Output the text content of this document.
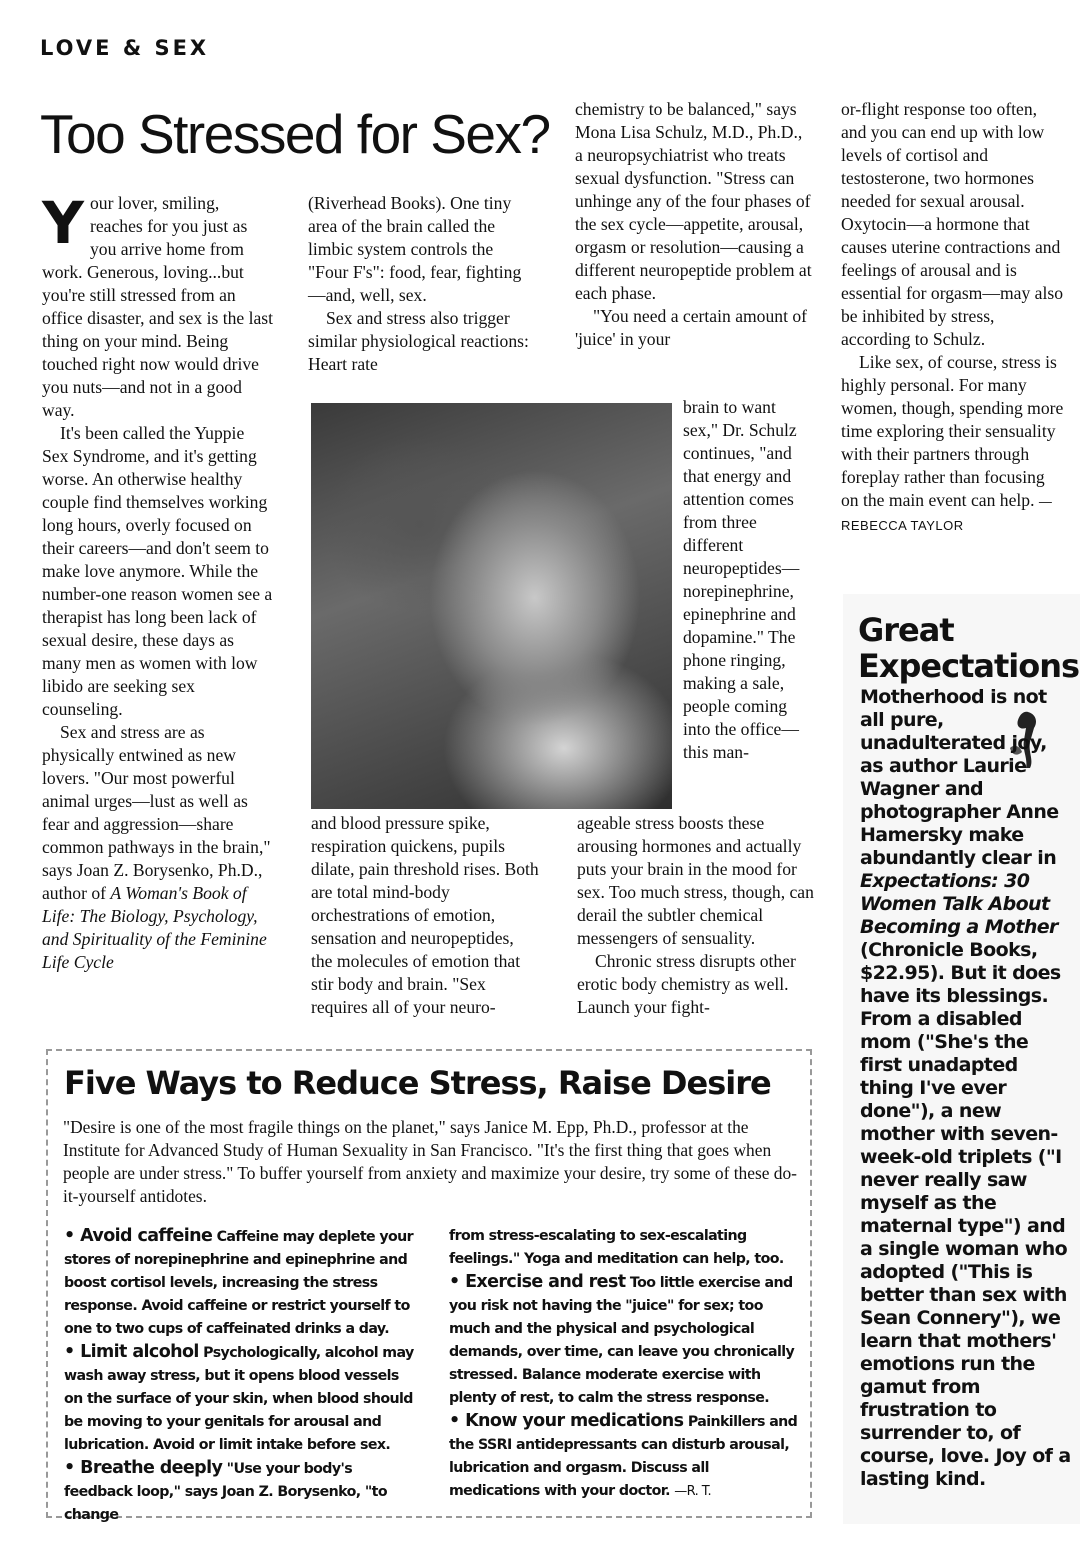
LOVE & SEX
Too Stressed for Sex?

Your lover, smiling, reaches for you just as you arrive home from work. Generous, loving...but you're still stressed from an office disaster, and sex is the last thing on your mind. Being touched right now would drive you nuts—and not in a good way.

It's been called the Yuppie Sex Syndrome, and it's getting worse. An otherwise healthy couple find themselves working long hours, overly focused on their careers—and don't seem to make love anymore. While the number-one reason women see a therapist has long been lack of sexual desire, these days as many men as women with low libido are seeking sex counseling.

Sex and stress are as physically entwined as new lovers. "Our most powerful animal urges—lust as well as fear and aggression—share common pathways in the brain," says Joan Z. Borysenko, Ph.D., author of A Woman's Book of Life: The Biology, Psychology, and Spirituality of the Feminine Life Cycle

(Riverhead Books). One tiny area of the brain called the limbic system controls the "Four F's": food, fear, fighting—and, well, sex.

Sex and stress also trigger similar physiological reactions: Heart rate

and blood pressure spike, respiration quickens, pupils dilate, pain threshold rises. Both are total mind-body orchestrations of emotion, sensation and neuropeptides, the molecules of emotion that stir body and brain. "Sex requires all of your neuro-

chemistry to be balanced," says Mona Lisa Schulz, M.D., Ph.D., a neuropsychiatrist who treats sexual dysfunction. "Stress can unhinge any of the four phases of the sex cycle—appetite, arousal, orgasm or resolution—causing a different neuropeptide problem at each phase.

"You need a certain amount of 'juice' in your

brain to want sex," Dr. Schulz continues, "and that energy and attention comes from three different neuropeptides—norepinephrine, epinephrine and dopamine." The phone ringing, making a sale, people coming into the office—this man-

ageable stress boosts these arousing hormones and actually puts your brain in the mood for sex. Too much stress, though, can derail the subtler chemical messengers of sensuality.

Chronic stress disrupts other erotic body chemistry as well. Launch your fight-

or-flight response too often, and you can end up with low levels of cortisol and testosterone, two hormones needed for sexual arousal. Oxytocin—a hormone that causes uterine contractions and feelings of arousal and is essential for orgasm—may also be inhibited by stress, according to Schulz.

Like sex, of course, stress is highly personal. For many women, though, spending more time exploring their sensuality with their partners through foreplay rather than focusing on the main event can help. —REBECCA TAYLOR

Great Expectations
Motherhood is not all pure, unadulterated joy, as author Laurie Wagner and photographer Anne Hamersky make abundantly clear in Expectations: 30 Women Talk About Becoming a Mother (Chronicle Books, $22.95). But it does have its blessings. From a disabled mom ("She's the first unadapted thing I've ever done"), a new mother with seven-week-old triplets ("I never really saw myself as the maternal type") and a single woman who adopted ("This is better than sex with Sean Connery"), we learn that mothers' emotions run the gamut from frustration to surrender to, of course, love. Joy of a lasting kind.
Five Ways to Reduce Stress, Raise Desire
"Desire is one of the most fragile things on the planet," says Janice M. Epp, Ph.D., professor at the Institute for Advanced Study of Human Sexuality in San Francisco. "It's the first thing that goes when people are under stress." To buffer yourself from anxiety and maximize your desire, try some of these do-it-yourself antidotes.

• Avoid caffeine Caffeine may deplete your stores of norepinephrine and epinephrine and boost cortisol levels, increasing the stress response. Avoid caffeine or restrict yourself to one to two cups of caffeinated drinks a day.

• Limit alcohol Psychologically, alcohol may wash away stress, but it opens blood vessels on the surface of your skin, when blood should be moving to your genitals for arousal and lubrication. Avoid or limit intake before sex.

• Breathe deeply "Use your body's feedback loop," says Joan Z. Borysenko, "to change

from stress-escalating to sex-escalating feelings." Yoga and meditation can help, too.

• Exercise and rest Too little exercise and you risk not having the "juice" for sex; too much and the physical and psychological demands, over time, can leave you chronically stressed. Balance moderate exercise with plenty of rest, to calm the stress response.

• Know your medications Painkillers and the SSRI antidepressants can disturb arousal, lubrication and orgasm. Discuss all medications with your doctor. —R. T.
